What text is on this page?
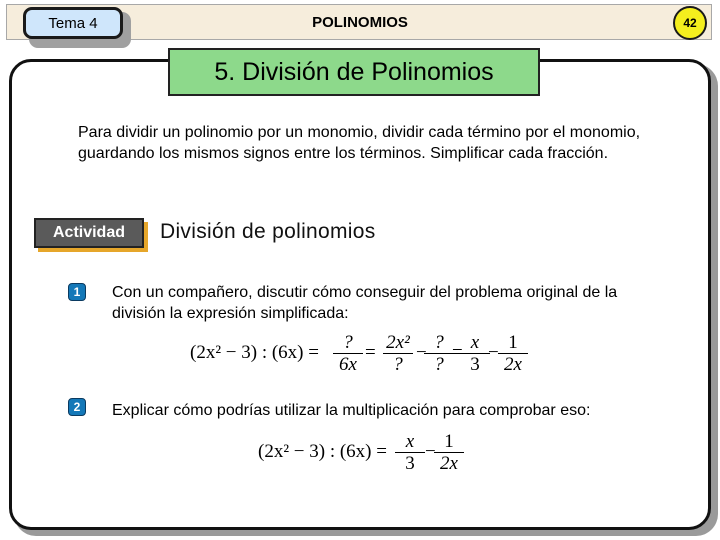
Tema 4	POLINOMIOS	42
5. División de Polinomios
Para dividir un polinomio por un monomio, dividir cada término por el monomio, guardando los mismos signos entre los términos. Simplificar cada fracción.
Actividad	División de polinomios
1	Con un compañero, discutir cómo conseguir del problema original de la división la expresión simplificada:
(2x² − 3) : (6x) =	?
6x
= 2x²
?
− ?
?
=
$\frac{x}{3}$
− $\frac{1}{2x}$
2	Explicar cómo podrías utilizar la multiplicación para comprobar eso:
(2x² − 3) : $(6x) = \frac{x}{3}$ −
$\frac{1}{2x}$
